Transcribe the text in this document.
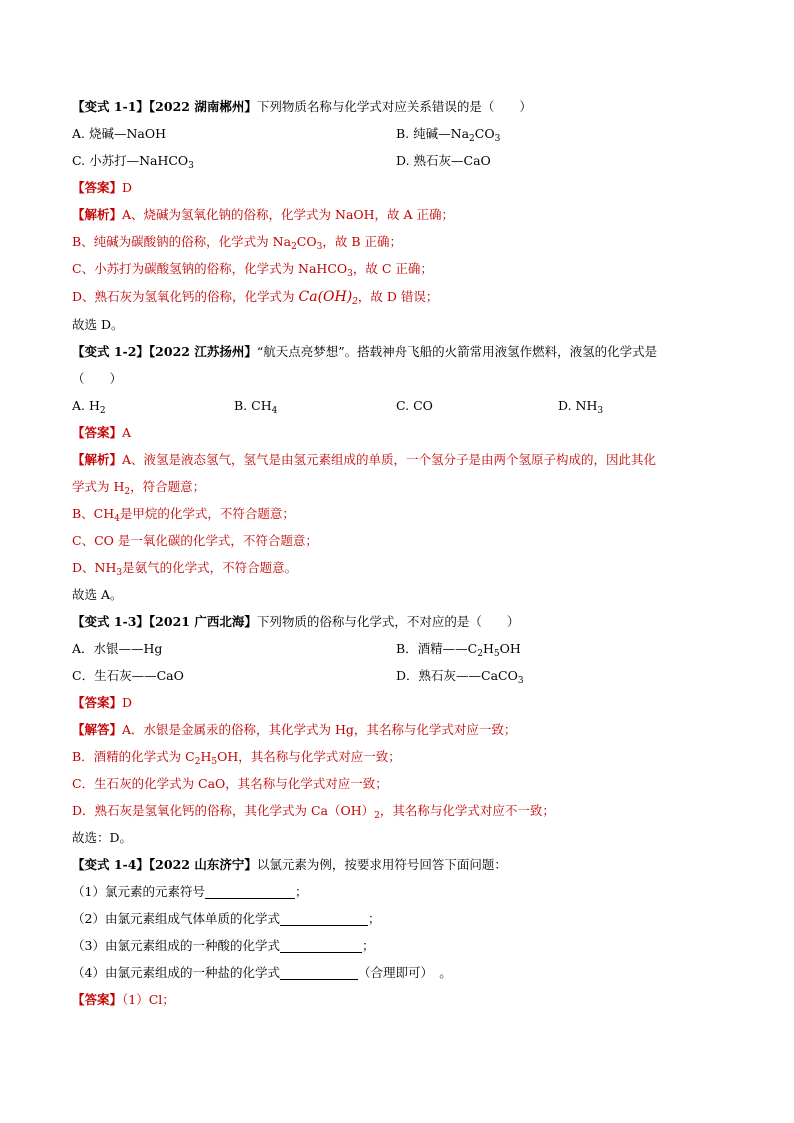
【变式 1-1】【2022 湖南郴州】下列物质名称与化学式对应关系错误的是（　　）
A. 烧碱—NaOH	B. 纯碱$—Na_2CO_3$
C. 小苏打—NaHCO$_3$	D. 熟石灰—CaO
【答案】D
【解析】A、烧碱为氢氧化钠的俗称，化学式为 NaOH，故 A 正确；
B、纯碱为碳酸钠的俗称，化学式为 $Na_2CO_3$，故 B 正确；
C、小苏打为碳酸氢钠的俗称，化学式为 NaHCO$_3$，故 C 正确；
D、熟石灰为氢氧化钙的俗称，化学式为 $Ca(OH)_2$，故 D 错误；
故选 D。
【变式 1-2】【2022 江苏扬州】“航天点亮梦想”。搭载神舟飞船的火箭常用液氢作燃料，液氢的化学式是
（　　）
A. $H_2$	B. $CH_4$	C. CO	D. $NH_3$
【答案】A
【解析】A、液氢是液态氢气，氢气是由氢元素组成的单质，一个氢分子是由两个氢原子构成的，因此其化
学式为 $H_2$，符合题意；
B、$CH_4$是甲烷的化学式，不符合题意；
C、CO 是一氧化碳的化学式，不符合题意；
D、$NH_3$是氨气的化学式，不符合题意。
故选 A。
【变式 1-3】【2021 广西北海】下列物质的俗称与化学式，不对应的是（　　）
A．水银——Hg	B．酒精$——C_2H_5OH$
C．生石灰——CaO	D．熟石灰——CaCO$_3$
【答案】D
【解答】A．水银是金属汞的俗称，其化学式为 Hg，其名称与化学式对应一致；
B．酒精的化学式为 $C_2H_5OH$，其名称与化学式对应一致；
C．生石灰的化学式为 CaO，其名称与化学式对应一致；
D．熟石灰是氢氧化钙的俗称，其化学式为 $Ca(OH)_2$，其名称与化学式对应不一致；
故选：D。
【变式 1-4】【2022 山东济宁】以氯元素为例，按要求用符号回答下面问题：
（1）氯元素的元素符号	；
（2）由氯元素组成气体单质的化学式	；
（3）由氯元素组成的一种酸的化学式	；
（4）由氯元素组成的一种盐的化学式	（合理即可）　。
【答案】（1）Cl；
